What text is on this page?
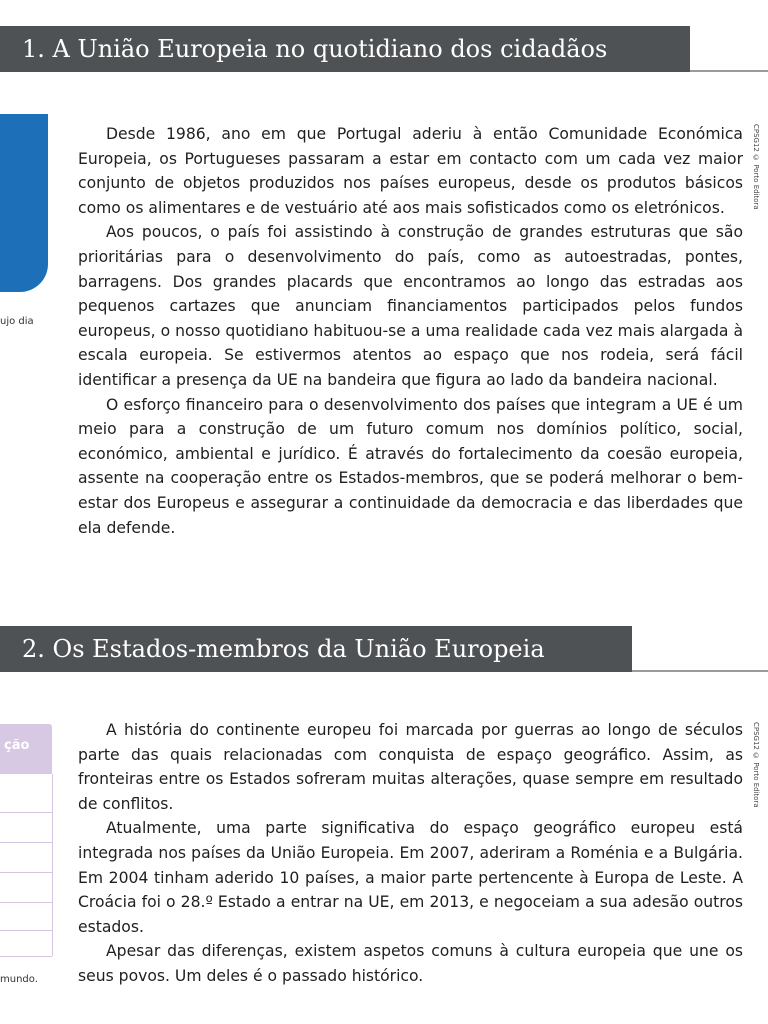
1. A União Europeia no quotidiano dos cidadãos
ujo dia

Desde 1986, ano em que Portugal aderiu à então Comunidade Económica Europeia, os Portugueses passaram a estar em contacto com um cada vez maior conjunto de objetos produzidos nos países europeus, desde os produtos básicos como os alimentares e de vestuário até aos mais sofisticados como os eletrónicos.

Aos poucos, o país foi assistindo à construção de grandes estruturas que são prioritárias para o desenvolvimento do país, como as autoestradas, pontes, barragens. Dos grandes placards que encontramos ao longo das estradas aos pequenos cartazes que anunciam financiamentos participados pelos fundos europeus, o nosso quotidiano habituou-se a uma realidade cada vez mais alargada à escala europeia. Se estivermos atentos ao espaço que nos rodeia, será fácil identificar a presença da UE na bandeira que figura ao lado da bandeira nacional.

O esforço financeiro para o desenvolvimento dos países que integram a UE é um meio para a construção de um futuro comum nos domínios político, social, económico, ambiental e jurídico. É através do fortalecimento da coesão europeia, assente na cooperação entre os Estados-membros, que se poderá melhorar o bem-estar dos Europeus e assegurar a continuidade da democracia e das liberdades que ela defende.

CPSG12 © Porto Editora
2. Os Estados-membros da União Europeia
ção
mundo.

A história do continente europeu foi marcada por guerras ao longo de séculos parte das quais relacionadas com conquista de espaço geográfico. Assim, as fronteiras entre os Estados sofreram muitas alterações, quase sempre em resultado de conflitos.

Atualmente, uma parte significativa do espaço geográfico europeu está integrada nos países da União Europeia. Em 2007, aderiram a Roménia e a Bulgária. Em 2004 tinham aderido 10 países, a maior parte pertencente à Europa de Leste. A Croácia foi o 28.º Estado a entrar na UE, em 2013, e negoceiam a sua adesão outros estados.

Apesar das diferenças, existem aspetos comuns à cultura europeia que une os seus povos. Um deles é o passado histórico.

CPSG12 © Porto Editora
